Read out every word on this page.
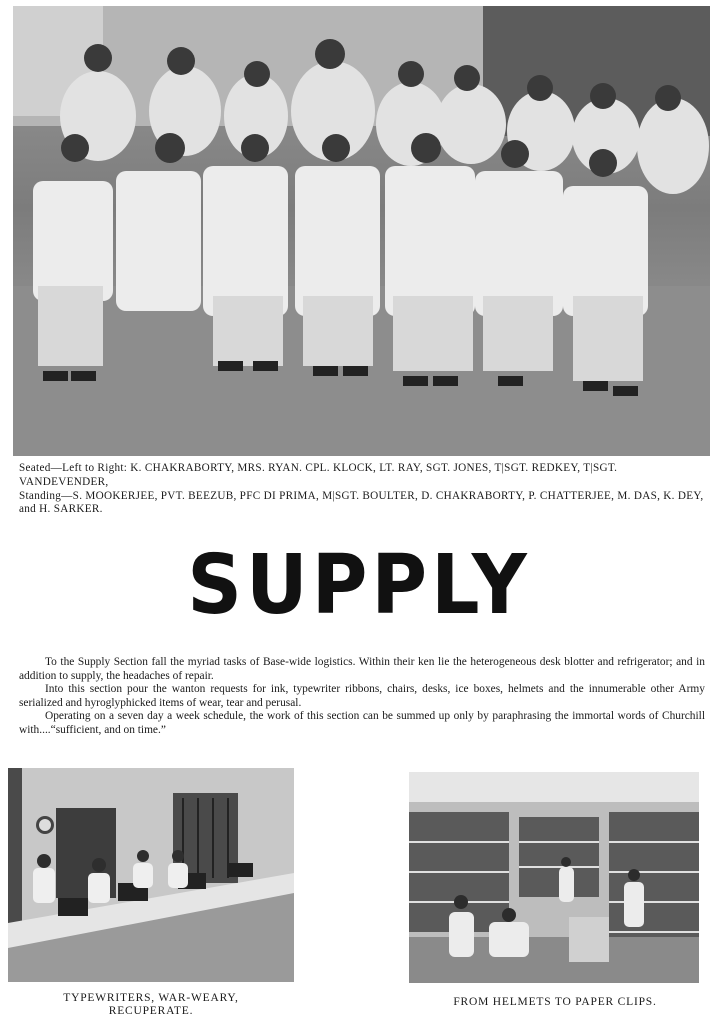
Seated—Left to Right: K. CHAKRABORTY, MRS. RYAN. CPL. KLOCK, LT. RAY, SGT. JONES, T|SGT. REDKEY, T|SGT. VANDEVENDER,

Standing—S. MOOKERJEE, PVT. BEEZUB, PFC DI PRIMA, M|SGT. BOULTER, D. CHAKRABORTY, P. CHATTERJEE, M. DAS, K. DEY, and H. SARKER.

SUPPLY

To the Supply Section fall the myriad tasks of Base-wide logistics. Within their ken lie the heterogeneous desk blotter and refrigerator; and in addition to supply, the headaches of repair.

Into this section pour the wanton requests for ink, typewriter ribbons, chairs, desks, ice boxes, helmets and the innumerable other Army serialized and hyroglyphicked items of wear, tear and perusal.

Operating on a seven day a week schedule, the work of this section can be summed up only by paraphrasing the immortal words of Churchill with....“sufficient, and on time.”

TYPEWRITERS, WAR-WEARY, RECUPERATE.
FROM HELMETS TO PAPER CLIPS.
